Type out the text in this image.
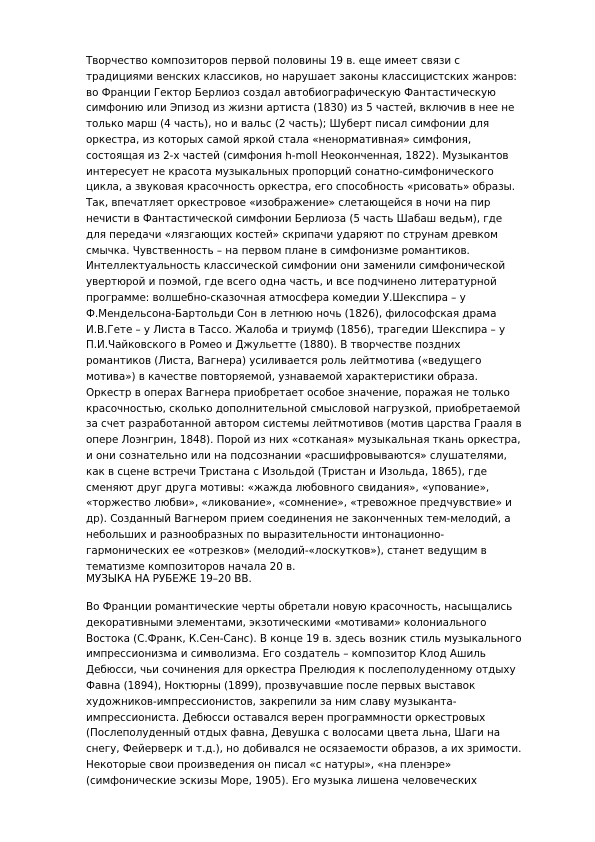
Творчество композиторов первой половины 19 в. еще имеет связи с
традициями венских классиков, но нарушает законы классицистских жанров:
во Франции Гектор Берлиоз создал автобиографическую Фантастическую
симфонию или Эпизод из жизни артиста (1830) из 5 частей, включив в нее не
только марш (4 часть), но и вальс (2 часть); Шуберт писал симфонии для
оркестра, из которых самой яркой стала «ненормативная» симфония,
состоящая из 2-х частей (симфония h-moll Неоконченная, 1822). Музыкантов
интересует не красота музыкальных пропорций сонатно-симфонического
цикла, а звуковая красочность оркестра, его способность «рисовать» образы.
Так, впечатляет оркестровое «изображение» слетающейся в ночи на пир
нечисти в Фантастической симфонии Берлиоза (5 часть Шабаш ведьм), где
для передачи «лязгающих костей» скрипачи ударяют по струнам древком
смычка. Чувственность – на первом плане в симфонизме романтиков.
Интеллектуальность классической симфонии они заменили симфонической
увертюрой и поэмой, где всего одна часть, и все подчинено литературной
программе: волшебно-сказочная атмосфера комедии У.Шекспира – у
Ф.Мендельсона-Бартольди Сон в летнюю ночь (1826), философская драма
И.В.Гете – у Листа в Тассо. Жалоба и триумф (1856), трагедии Шекспира – у
П.И.Чайковского в Ромео и Джульетте (1880). В творчестве поздних
романтиков (Листа, Вагнера) усиливается роль лейтмотива («ведущего
мотива») в качестве повторяемой, узнаваемой характеристики образа.
Оркестр в операх Вагнера приобретает особое значение, поражая не только
красочностью, сколько дополнительной смысловой нагрузкой, приобретаемой
за счет разработанной автором системы лейтмотивов (мотив царства Грааля в
опере Лоэнгрин, 1848). Порой из них «сотканая» музыкальная ткань оркестра,
и они сознательно или на подсознании «расшифровываются» слушателями,
как в сцене встречи Тристана с Изольдой (Тристан и Изольда, 1865), где
сменяют друг друга мотивы: «жажда любовного свидания», «упование»,
«торжество любви», «ликование», «сомнение», «тревожное предчувствие» и
др). Созданный Вагнером прием соединения не законченных тем-мелодий, а
небольших и разнообразных по выразительности интонационно-
гармонических ее «отрезков» (мелодий-«лоскутков»), станет ведущим в
тематизме композиторов начала 20 в.
МУЗЫКА НА РУБЕЖЕ 19–20 ВВ.
Во Франции романтические черты обретали новую красочность, насыщались
декоративными элементами, экзотическими «мотивами» колониального
Востока (С.Франк, К.Сен-Санс). В конце 19 в. здесь возник стиль музыкального
импрессионизма и символизма. Его создатель – композитор Клод Ашиль
Дебюсси, чьи сочинения для оркестра Прелюдия к послеполуденному отдыху
Фавна (1894), Ноктюрны (1899), прозвучавшие после первых выставок
художников-импрессионистов, закрепили за ним славу музыканта-
импрессиониста. Дебюсси оставался верен программности оркестровых
(Послеполуденный отдых фавна, Девушка с волосами цвета льна, Шаги на
снегу, Фейерверк и т.д.), но добивался не осязаемости образов, а их зримости.
Некоторые свои произведения он писал «с натуры», «на пленэре»
(симфонические эскизы Море, 1905). Его музыка лишена человеческих
